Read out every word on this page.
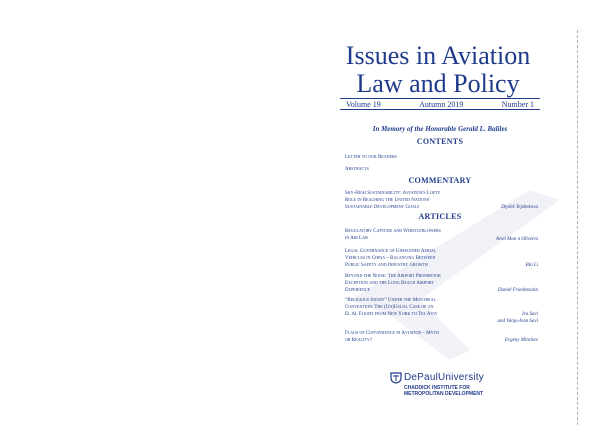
Issues in Aviation
Law and Policy
Volume 19	Autumn 2019	Number 1
In Memory of the Honorable Gerald L. Baliles
CONTENTS
Letter to our Readers
Abstracts
COMMENTARY
Sky-High Sustainability: Aviation's Lofty
Role in Reaching the United Nations'
Sustainable Development Goals	Zbyšek Tejzbekova
ARTICLES
Regulatory Capture and Whistleblowers
in Air Law	Ariel Man n Oliveira
Legal Governance of Unmanned Aerial
Vehicles in China – Balancing Between
Public Safety and Industry Growth	Bin Li
Beyond the Noise: The Airport Proprietor
Exception and the Long Beach Airport
Experience	Daniel Friedenzohn
“Religious Injury” Under the Montreal
Convention: The (Un)Usual Case of an
El Al Flight from New York to Tel Aviv	Ira Savi
and Vanja-Ivan Savi
Flags of Convenience in Aviation – Myth
or Reality?	Evgeny Minchev
DePaulUniversity
CHADDICK INSTITUTE FOR
METROPOLITAN DEVELOPMENT
